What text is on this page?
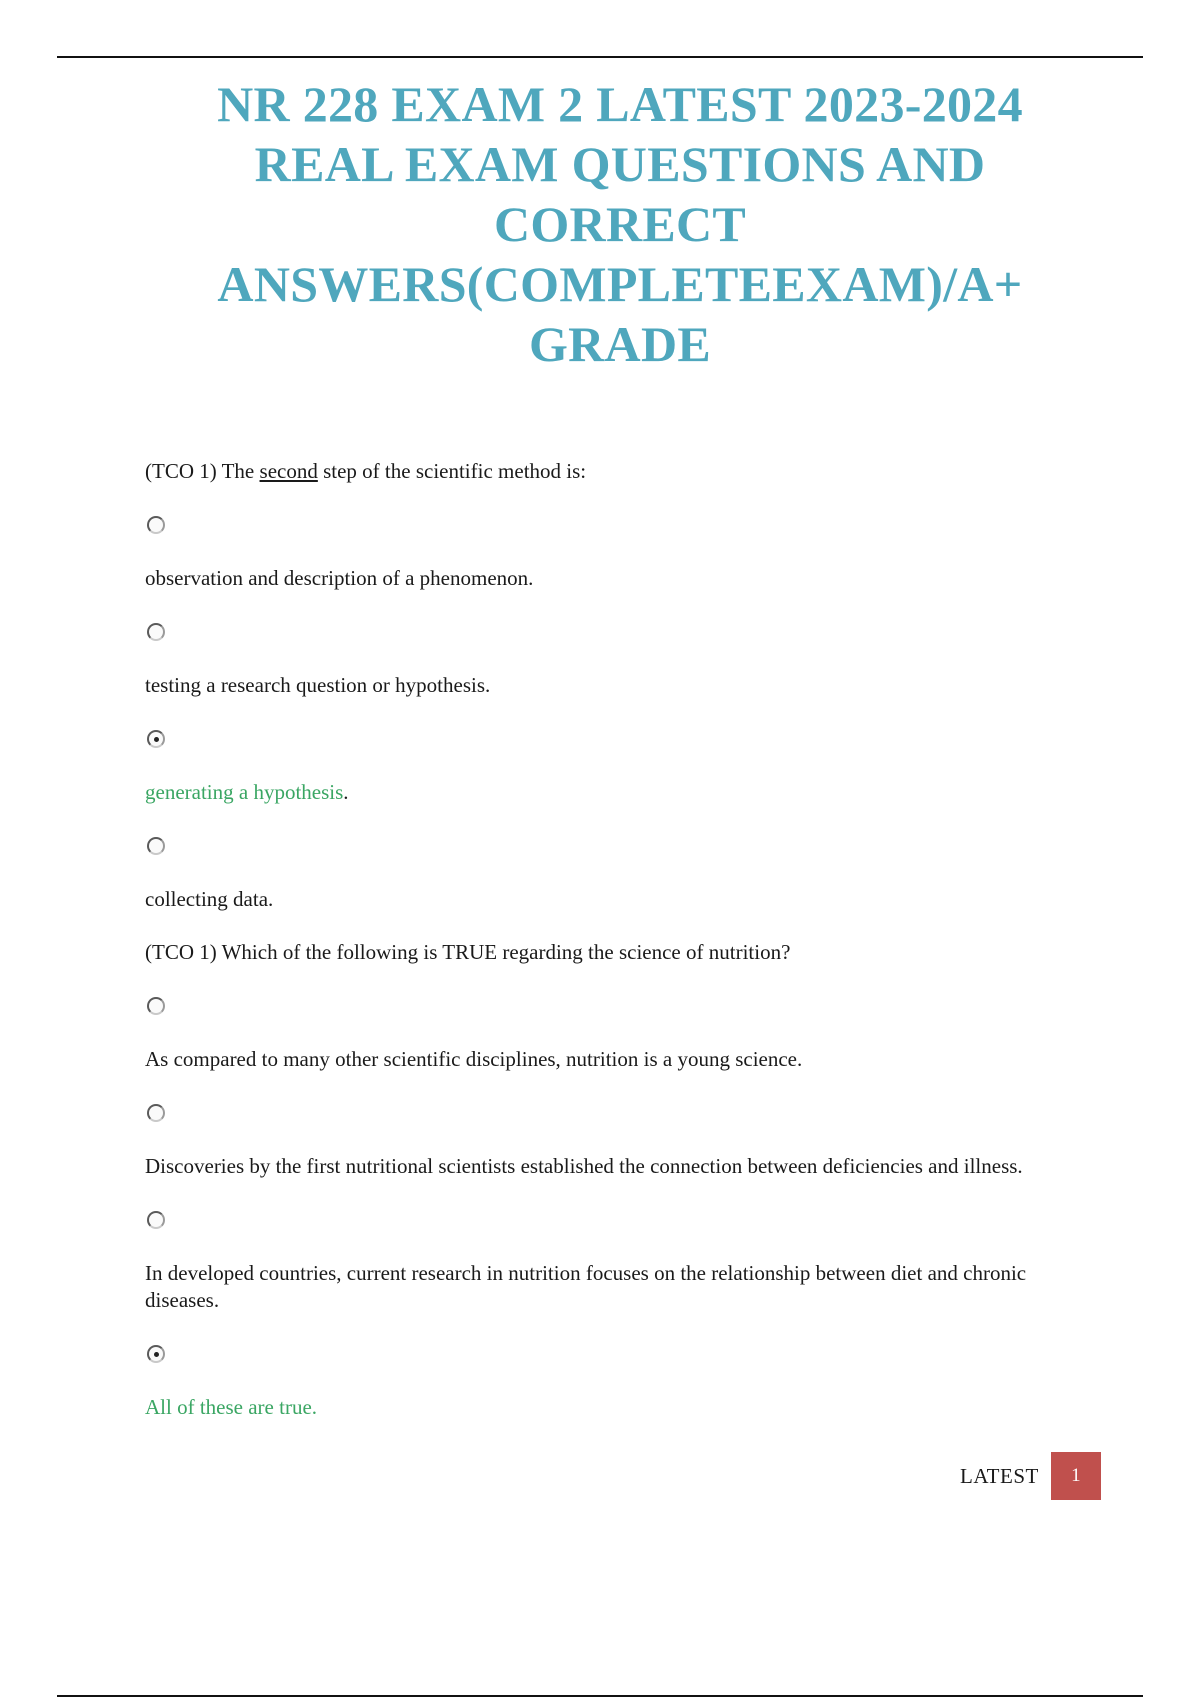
NR 228 EXAM 2 LATEST 2023-2024
REAL EXAM QUESTIONS AND
CORRECT
ANSWERS(COMPLETEEXAM)/A+
GRADE

(TCO 1) The second step of the scientific method is:

observation and description of a phenomenon.

testing a research question or hypothesis.

generating a hypothesis.

collecting data.

(TCO 1) Which of the following is TRUE regarding the science of nutrition?

As compared to many other scientific disciplines, nutrition is a young science.

Discoveries by the first nutritional scientists established the connection between deficiencies and illness.

In developed countries, current research in nutrition focuses on the relationship between diet and chronic diseases.

All of these are true.

LATEST	1
